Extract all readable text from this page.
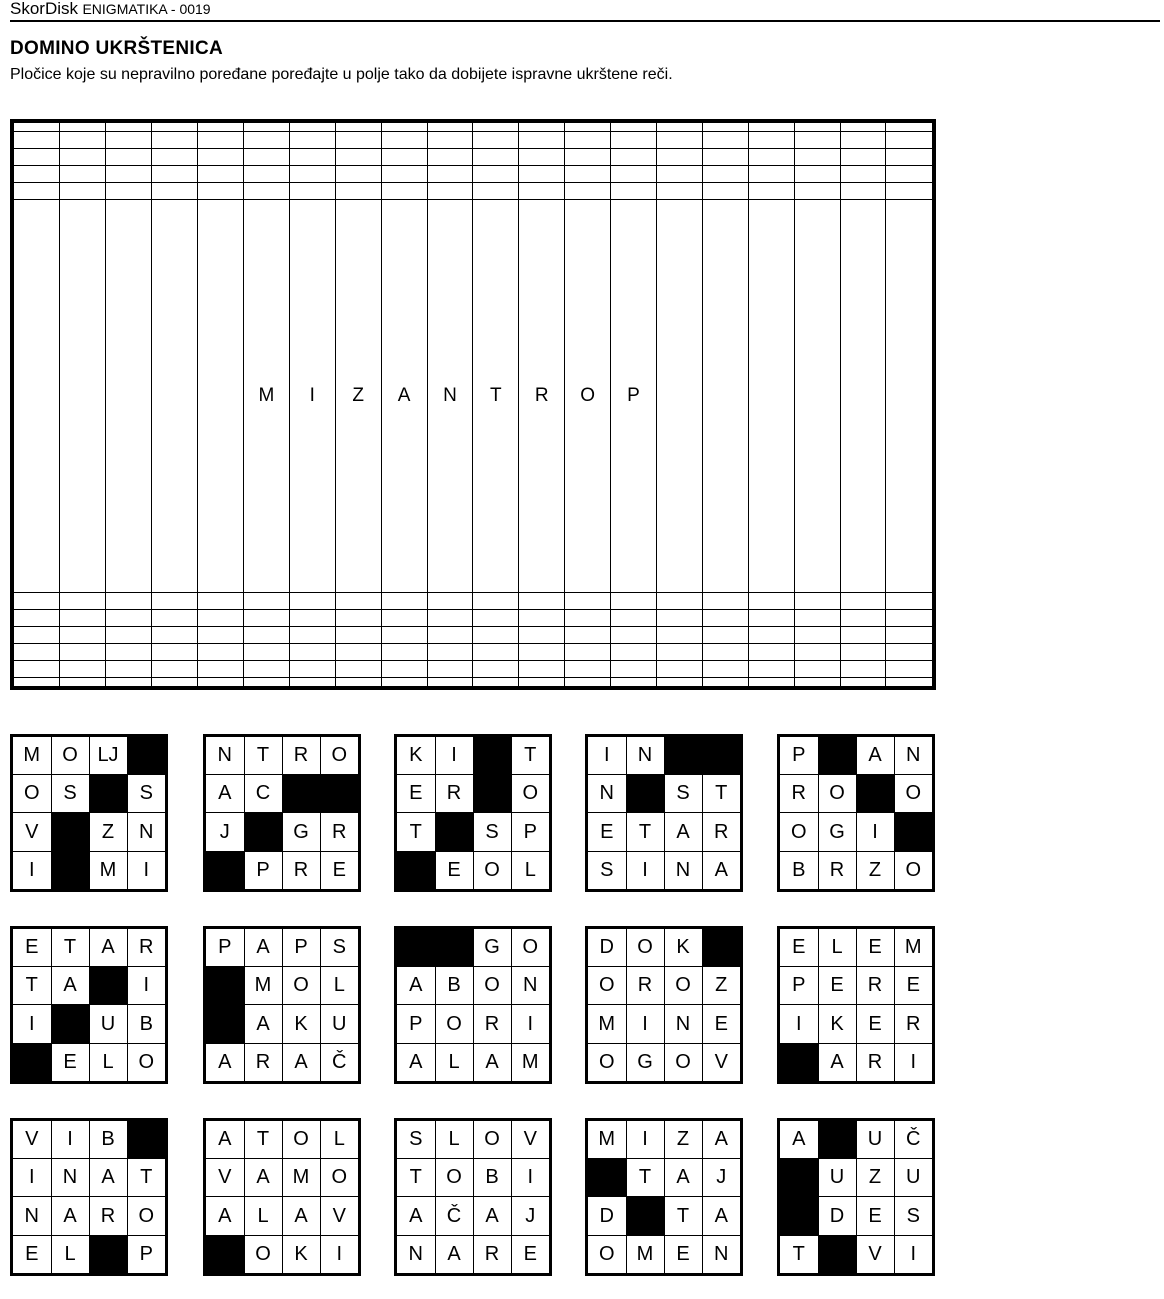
SkorDisk ENIGMATIKA - 0019
DOMINO UKRŠTENICA
Pločice koje su nepravilno poređane poređajte u polje tako da dobijete ispravne ukrštene reči.

					M	I	Z	A	N	T	R	O	P						

M	O	LJ	
O	S		S
V		Z	N
I		M	I
N	T	R	O
A	C		
J		G	R
	P	R	E
K	I		T
E	R		O
T		S	P
	E	O	L
I	N		
N		S	T
E	T	A	R
S	I	N	A
P		A	N
R	O		O
O	G	I	
B	R	Z	O
E	T	A	R
T	A		I
I		U	B
	E	L	O
P	A	P	S
	M	O	L
	A	K	U
A	R	A	Č
		G	O
A	B	O	N
P	O	R	I
A	L	A	M
D	O	K	
O	R	O	Z
M	I	N	E
O	G	O	V
E	L	E	M
P	E	R	E
I	K	E	R
	A	R	I
V	I	B	
I	N	A	T
N	A	R	O
E	L		P
A	T	O	L
V	A	M	O
A	L	A	V
	O	K	I
S	L	O	V
T	O	B	I
A	Č	A	J
N	A	R	E
M	I	Z	A
	T	A	J
D		T	A
O	M	E	N
A		U	Č
	U	Z	U
	D	E	S
T		V	I
